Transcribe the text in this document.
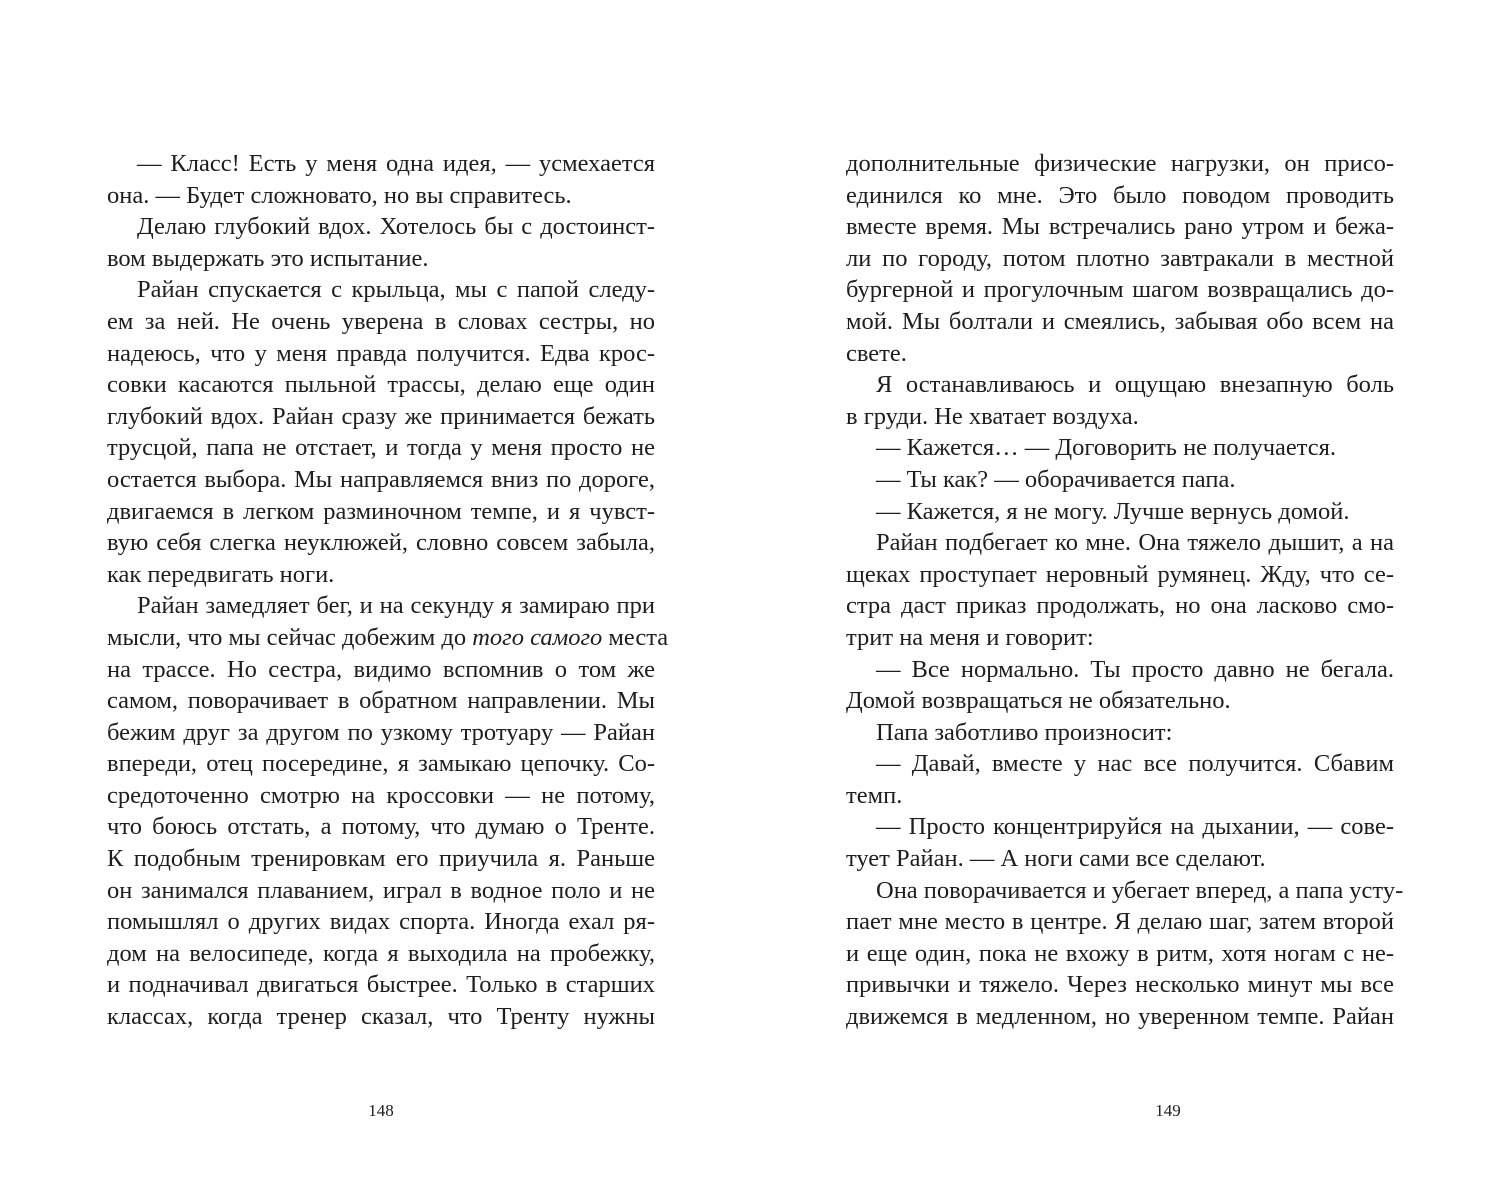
— Класс! Есть у меня одна идея, — усмехается
она. — Будет сложновато, но вы справитесь.
Делаю глубокий вдох. Хотелось бы с достоинст-
вом выдержать это испытание.
Райан спускается с крыльца, мы с папой следу-
ем за ней. Не очень уверена в словах сестры, но
надеюсь, что у меня правда получится. Едва крос-
совки касаются пыльной трассы, делаю еще один
глубокий вдох. Райан сразу же принимается бежать
трусцой, папа не отстает, и тогда у меня просто не
остается выбора. Мы направляемся вниз по дороге,
двигаемся в легком разминочном темпе, и я чувст-
вую себя слегка неуклюжей, словно совсем забыла,
как передвигать ноги.
Райан замедляет бег, и на секунду я замираю при
мысли, что мы сейчас добежим до того самого места
на трассе. Но сестра, видимо вспомнив о том же
самом, поворачивает в обратном направлении. Мы
бежим друг за другом по узкому тротуару — Райан
впереди, отец посередине, я замыкаю цепочку. Со-
средоточенно смотрю на кроссовки — не потому,
что боюсь отстать, а потому, что думаю о Тренте.
К подобным тренировкам его приучила я. Раньше
он занимался плаванием, играл в водное поло и не
помышлял о других видах спорта. Иногда ехал ря-
дом на велосипеде, когда я выходила на пробежку,
и подначивал двигаться быстрее. Только в старших
классах, когда тренер сказал, что Тренту нужны
148
дополнительные физические нагрузки, он присо-
единился ко мне. Это было поводом проводить
вместе время. Мы встречались рано утром и бежа-
ли по городу, потом плотно завтракали в местной
бургерной и прогулочным шагом возвращались до-
мой. Мы болтали и смеялись, забывая обо всем на
свете.
Я останавливаюсь и ощущаю внезапную боль
в груди. Не хватает воздуха.
— Кажется… — Договорить не получается.
— Ты как? — оборачивается папа.
— Кажется, я не могу. Лучше вернусь домой.
Райан подбегает ко мне. Она тяжело дышит, а на
щеках проступает неровный румянец. Жду, что се-
стра даст приказ продолжать, но она ласково смо-
трит на меня и говорит:
— Все нормально. Ты просто давно не бегала.
Домой возвращаться не обязательно.
Папа заботливо произносит:
— Давай, вместе у нас все получится. Сбавим
темп.
— Просто концентрируйся на дыхании, — сове-
тует Райан. — А ноги сами все сделают.
Она поворачивается и убегает вперед, а папа усту-
пает мне место в центре. Я делаю шаг, затем второй
и еще один, пока не вхожу в ритм, хотя ногам с не-
привычки и тяжело. Через несколько минут мы все
движемся в медленном, но уверенном темпе. Райан
149
